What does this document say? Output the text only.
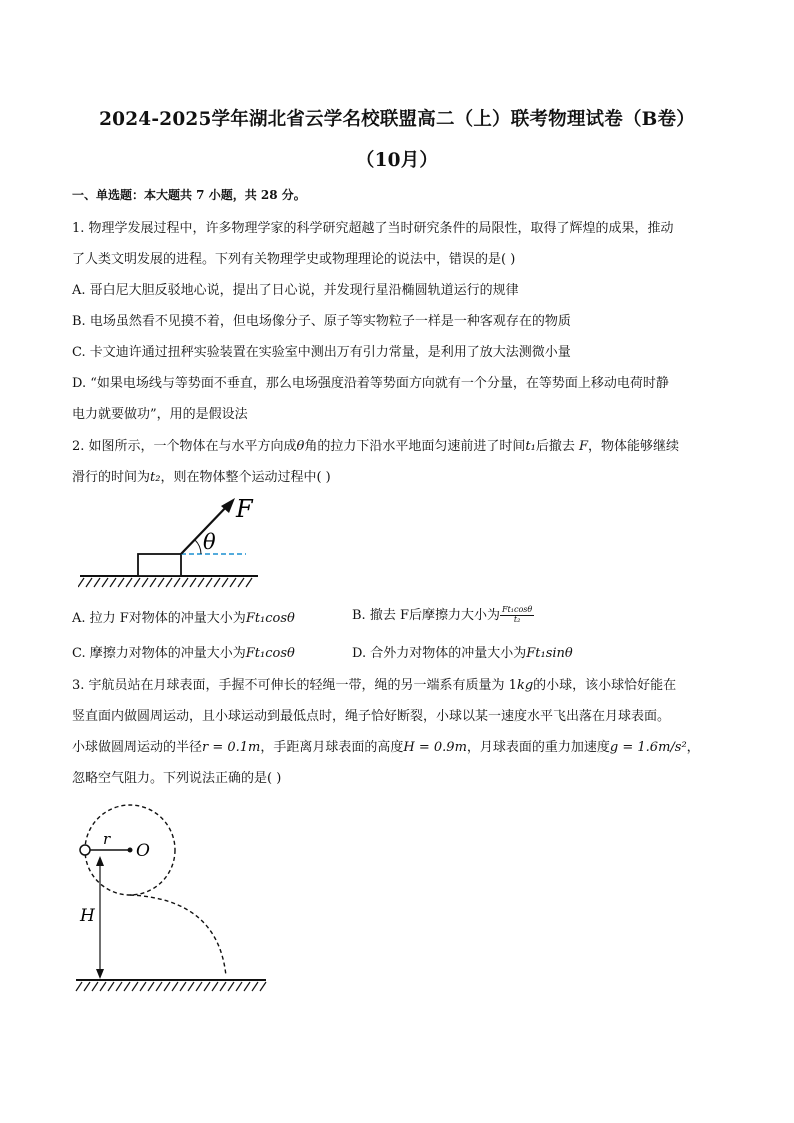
2024-2025学年湖北省云学名校联盟高二（上）联考物理试卷（B卷）
（10月）
一、单选题：本大题共 7 小题，共 28 分。
1. 物理学发展过程中，许多物理学家的科学研究超越了当时研究条件的局限性，取得了辉煌的成果，推动
了人类文明发展的进程。下列有关物理学史或物理理论的说法中，错误的是( )
A. 哥白尼大胆反驳地心说，提出了日心说，并发现行星沿椭圆轨道运行的规律
B. 电场虽然看不见摸不着，但电场像分子、原子等实物粒子一样是一种客观存在的物质
C. 卡文迪许通过扭秤实验装置在实验室中测出万有引力常量，是利用了放大法测微小量
D. “如果电场线与等势面不垂直，那么电场强度沿着等势面方向就有一个分量，在等势面上移动电荷时静
电力就要做功”，用的是假设法
2. 如图所示，一个物体在与水平方向成θ角的拉力下沿水平地面匀速前进了时间t₁后撤去 F，物体能够继续
滑行的时间为t₂，则在物体整个运动过程中( )
F
θ
A. 拉力 F对物体的冲量大小为Ft₁cosθ	B. 撤去 F后摩擦力大小为 $\frac{\text{Ft₁cosθ}}{\text{t₂}}$
C. 摩擦力对物体的冲量大小为Ft₁cosθ	D. 合外力对物体的冲量大小为Ft₁sinθ
3. 宇航员站在月球表面，手握不可伸长的轻绳一带，绳的另一端系有质量为 1kg的小球，该小球恰好能在
竖直面内做圆周运动，且小球运动到最低点时，绳子恰好断裂，小球以某一速度水平飞出落在月球表面。
小球做圆周运动的半径r = 0.1m，手距离月球表面的高度H = 0.9m，月球表面的重力加速度g = 1.6m/s²，
忽略空气阻力。下列说法正确的是( )
r
O
H
